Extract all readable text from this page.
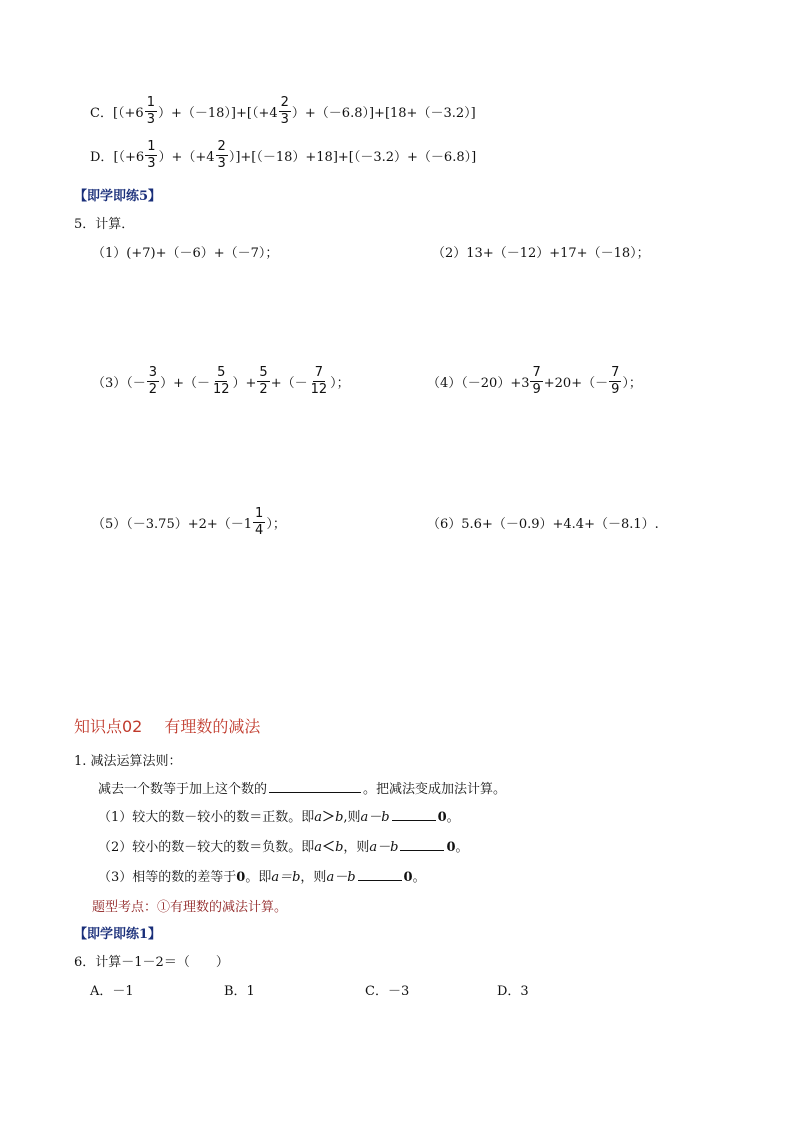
C． $[(+6 \frac{1}{3} )+(-18)]+[(+4 \frac{2}{3} )+(-6.8)]+[18+(-3.2)]$
D． $[(+6 \frac{1}{3} )+(+4 \frac{2}{3} )]+[(-18)+18]+[(-3.2)+(-6.8)]$
【即学即练5】
5．计算．
（1）(+7)+（－6）+（－7）；	（2）13+（－12）+17+（－18）；
$(3)(- \frac{3}{2}$ ）+（－ $\frac{5}{12}$ ）+ $\frac{5}{2}$ +（－ $\frac{7}{12}$ ）；	$(4)(-20)+3 \frac{7}{9} +20+(- \frac{7}{9}$ ）；
$(5)(-3.75)+2+(-1 \frac{1}{4}$ ）；	（6）5.6+（－0.9）+4.4+（－8.1）.
知识点02 有理数的减法
1. 减法运算法则：
减去一个数等于加上这个数的	。把减法变成加法计算。
（1）较大的数－较小的数＝正数。即a＞b,则a－b	0。
（2）较小的数－较大的数＝负数。即a＜b，则a－b	0。
（3）相等的数的差等于0。即a＝b，则a－b	0。
题型考点：①有理数的减法计算。
【即学即练1】
6．计算－1－2＝（　　）
A．－1	B．1	C．－3	D．3
